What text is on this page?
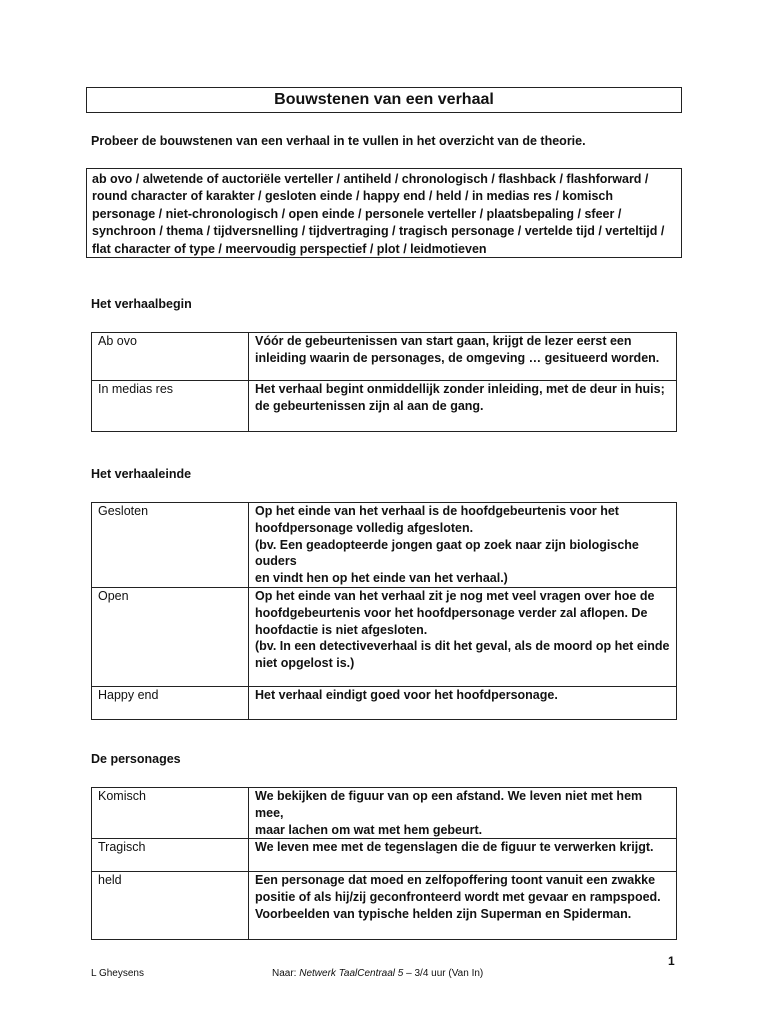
Bouwstenen van een verhaal
Probeer de bouwstenen van een verhaal in te vullen in het overzicht van de theorie.
ab ovo / alwetende of auctoriële verteller / antiheld / chronologisch / flashback / flashforward /
round character of karakter / gesloten einde / happy end / held / in medias res / komisch
personage / niet-chronologisch / open einde / personele verteller / plaatsbepaling / sfeer /
synchroon / thema / tijdversnelling / tijdvertraging / tragisch personage / vertelde tijd / verteltijd /
flat character of type / meervoudig perspectief / plot / leidmotieven
Het verhaalbegin
Ab ovo	Vóór de gebeurtenissen van start gaan, krijgt de lezer eerst een
inleiding waarin de personages, de omgeving … gesitueerd worden.

In medias res	Het verhaal begint onmiddellijk zonder inleiding, met de deur in huis;
de gebeurtenissen zijn al aan de gang.
Het verhaaleinde
Gesloten	Op het einde van het verhaal is de hoofdgebeurtenis voor het
hoofdpersonage volledig afgesloten.
(bv. Een geadopteerde jongen gaat op zoek naar zijn biologische ouders
en vindt hen op het einde van het verhaal.)

Open	Op het einde van het verhaal zit je nog met veel vragen over hoe de
hoofdgebeurtenis voor het hoofdpersonage verder zal aflopen. De
hoofdactie is niet afgesloten.
(bv. In een detectiveverhaal is dit het geval, als de moord op het einde
niet opgelost is.)

Happy end	Het verhaal eindigt goed voor het hoofdpersonage.
De personages
Komisch	We bekijken de figuur van op een afstand. We leven niet met hem mee,
maar lachen om wat met hem gebeurt.

Tragisch	We leven mee met de tegenslagen die de figuur te verwerken krijgt.

held	Een personage dat moed en zelfopoffering toont vanuit een zwakke
positie of als hij/zij geconfronteerd wordt met gevaar en rampspoed.
Voorbeelden van typische helden zijn Superman en Spiderman.
1
L Gheysens	Naar: Netwerk TaalCentraal 5 – 3/4 uur (Van In)
